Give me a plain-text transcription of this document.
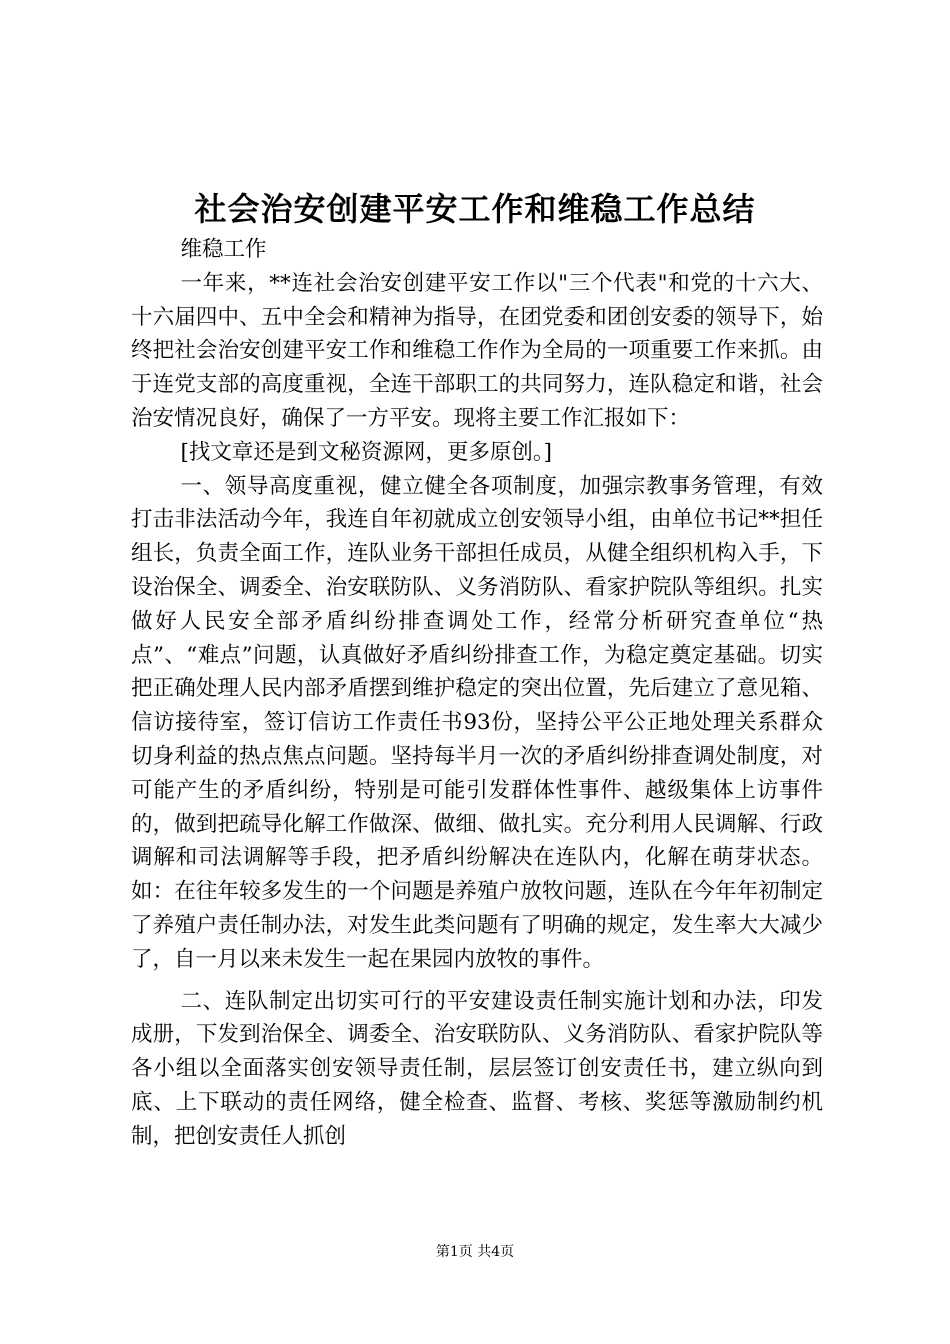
社会治安创建平安工作和维稳工作总结

维稳工作

一年来，**连社会治安创建平安工作以"三个代表"和党的十六大、十六届四中、五中全会和精神为指导，在团党委和团创安委的领导下，始终把社会治安创建平安工作和维稳工作作为全局的一项重要工作来抓。由于连党支部的高度重视，全连干部职工的共同努力，连队稳定和谐，社会治安情况良好，确保了一方平安。现将主要工作汇报如下：

[找文章还是到文秘资源网，更多原创。]

一、领导高度重视，健立健全各项制度，加强宗教事务管理，有效打击非法活动今年，我连自年初就成立创安领导小组，由单位书记**担任组长，负责全面工作，连队业务干部担任成员，从健全组织机构入手，下设治保全、调委全、治安联防队、义务消防队、看家护院队等组织。扎实做好人民安全部矛盾纠纷排查调处工作，经常分析研究查单位“热点”、“难点”问题，认真做好矛盾纠纷排查工作，为稳定奠定基础。切实把正确处理人民内部矛盾摆到维护稳定的突出位置，先后建立了意见箱、信访接待室，签订信访工作责任书93份，坚持公平公正地处理关系群众切身利益的热点焦点问题。坚持每半月一次的矛盾纠纷排查调处制度，对可能产生的矛盾纠纷，特别是可能引发群体性事件、越级集体上访事件的，做到把疏导化解工作做深、做细、做扎实。充分利用人民调解、行政调解和司法调解等手段，把矛盾纠纷解决在连队内，化解在萌芽状态。如：在往年较多发生的一个问题是养殖户放牧问题，连队在今年年初制定了养殖户责任制办法，对发生此类问题有了明确的规定，发生率大大减少了，自一月以来未发生一起在果园内放牧的事件。

二、连队制定出切实可行的平安建设责任制实施计划和办法，印发成册，下发到治保全、调委全、治安联防队、义务消防队、看家护院队等各小组以全面落实创安领导责任制，层层签订创安责任书，建立纵向到底、上下联动的责任网络，健全检查、监督、考核、奖惩等激励制约机制，把创安责任人抓创

第1页 共4页
